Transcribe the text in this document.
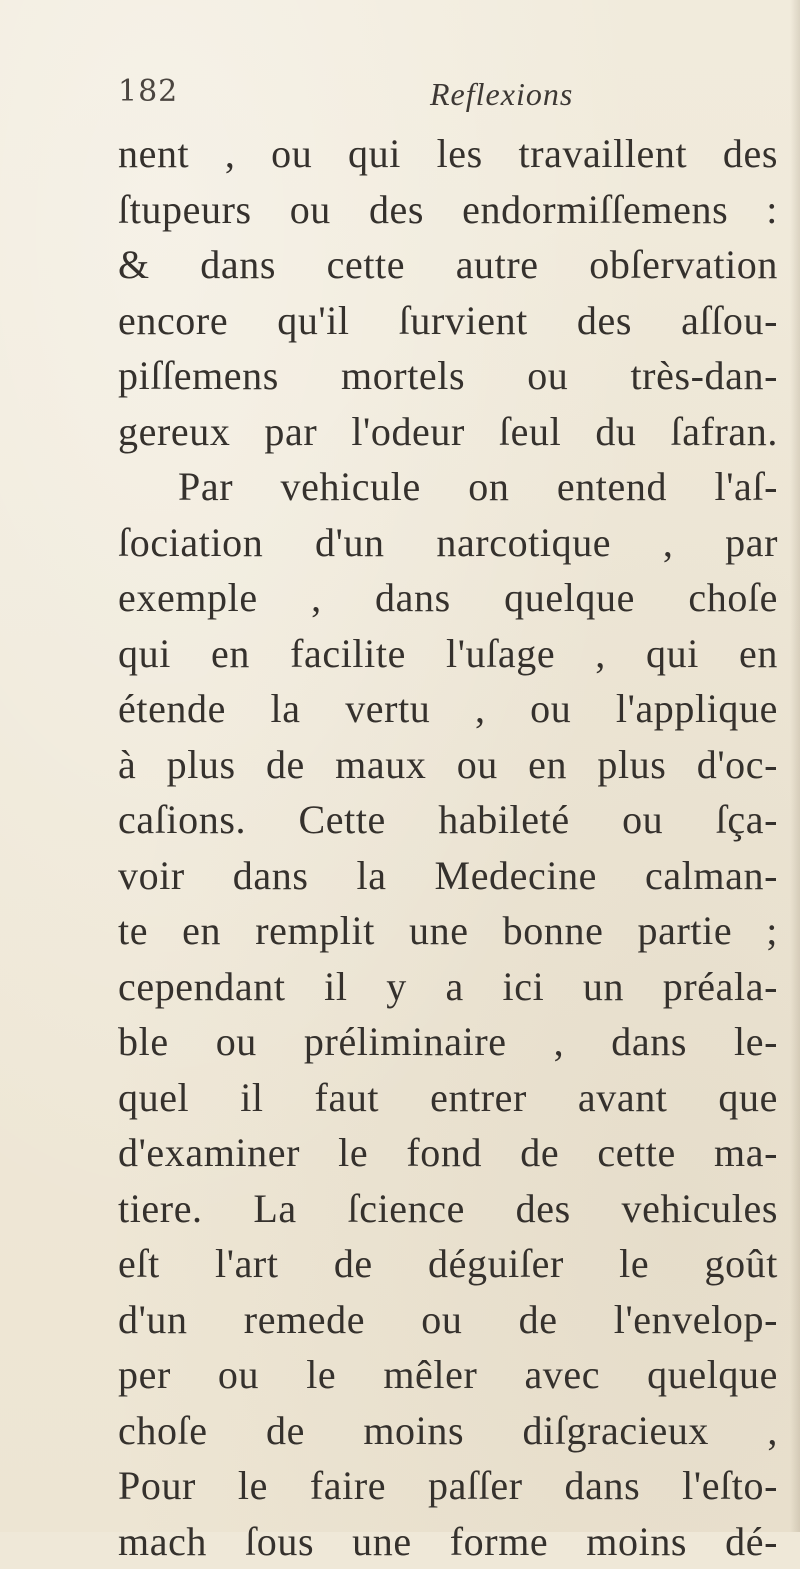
182	Reflexions
nent , ou qui les travaillent des
ſtupeurs ou des endormiſſemens :
& dans cette autre obſervation
encore qu'il ſurvient des aſſou-
piſſemens mortels ou très-dan-
gereux par l'odeur ſeul du ſafran.
Par vehicule on entend l'aſ-
ſociation d'un narcotique , par
exemple , dans quelque choſe
qui en facilite l'uſage , qui en
étende la vertu , ou l'applique
à plus de maux ou en plus d'oc-
caſions. Cette habileté ou ſça-
voir dans la Medecine calman-
te en remplit une bonne partie ;
cependant il y a ici un préala-
ble ou préliminaire , dans le-
quel il faut entrer avant que
d'examiner le fond de cette ma-
tiere. La ſcience des vehicules
eſt l'art de déguiſer le goût
d'un remede ou de l'envelop-
per ou le mêler avec quelque
choſe de moins diſgracieux ,
Pour le faire paſſer dans l'eſto-
mach ſous une forme moins dé-
